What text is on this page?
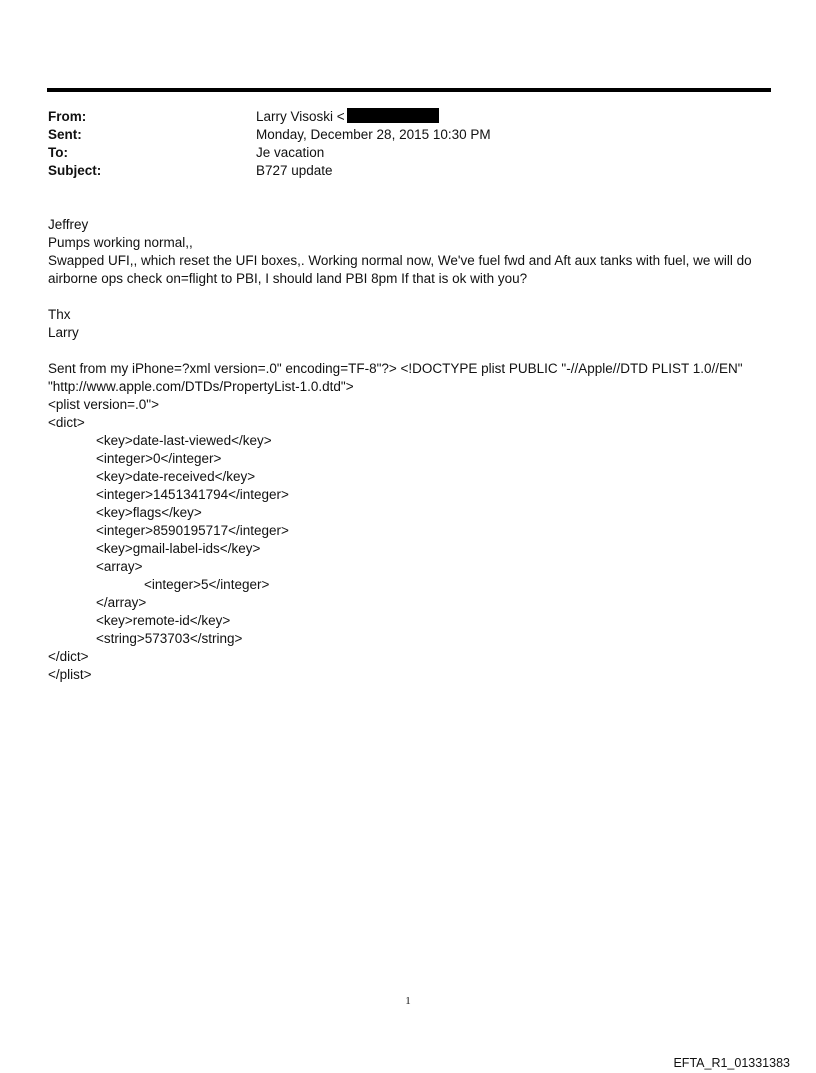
From:	Larry Visoski <
Sent:	Monday, December 28, 2015 10:30 PM
To:	Je vacation
Subject:	B727 update

Jeffrey

Pumps working normal,,

Swapped UFI,, which reset the UFI boxes,. Working normal now, We've fuel fwd and Aft aux tanks with fuel, we will do

airborne ops check on=flight to PBI, I should land PBI 8pm If that is ok with you?

Thx

Larry

Sent from my iPhone=?xml version=.0" encoding=TF-8"?> <!DOCTYPE plist PUBLIC "-//Apple//DTD PLIST 1.0//EN"

"http://www.apple.com/DTDs/PropertyList-1.0.dtd">

<plist version=.0">

<dict>

<key>date-last-viewed</key>

<integer>0</integer>

<key>date-received</key>

<integer>1451341794</integer>

<key>flags</key>

<integer>8590195717</integer>

<key>gmail-label-ids</key>

<array>

<integer>5</integer>

</array>

<key>remote-id</key>

<string>573703</string>

</dict>

</plist>

1
EFTA_R1_01331383
